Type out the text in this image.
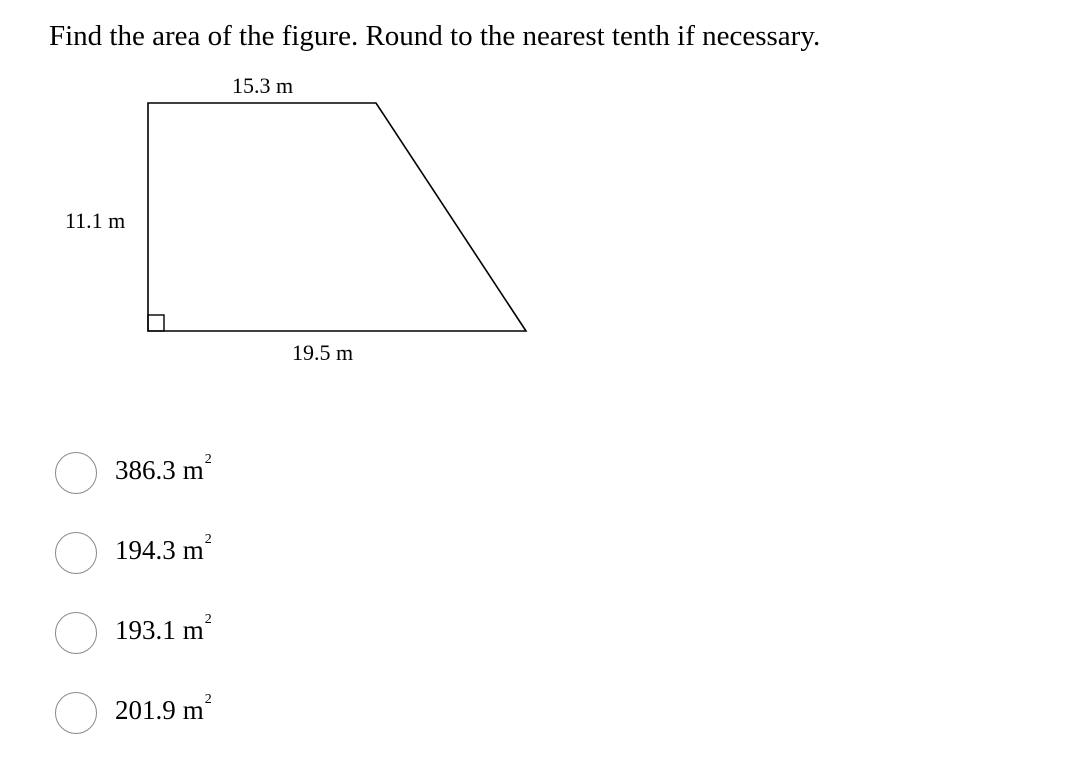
Find the area of the figure. Round to the nearest tenth if necessary.
15.3 m
11.1 m
19.5 m
386.3 m 2
194.3 m 2
193.1 m 2
201.9 m 2
